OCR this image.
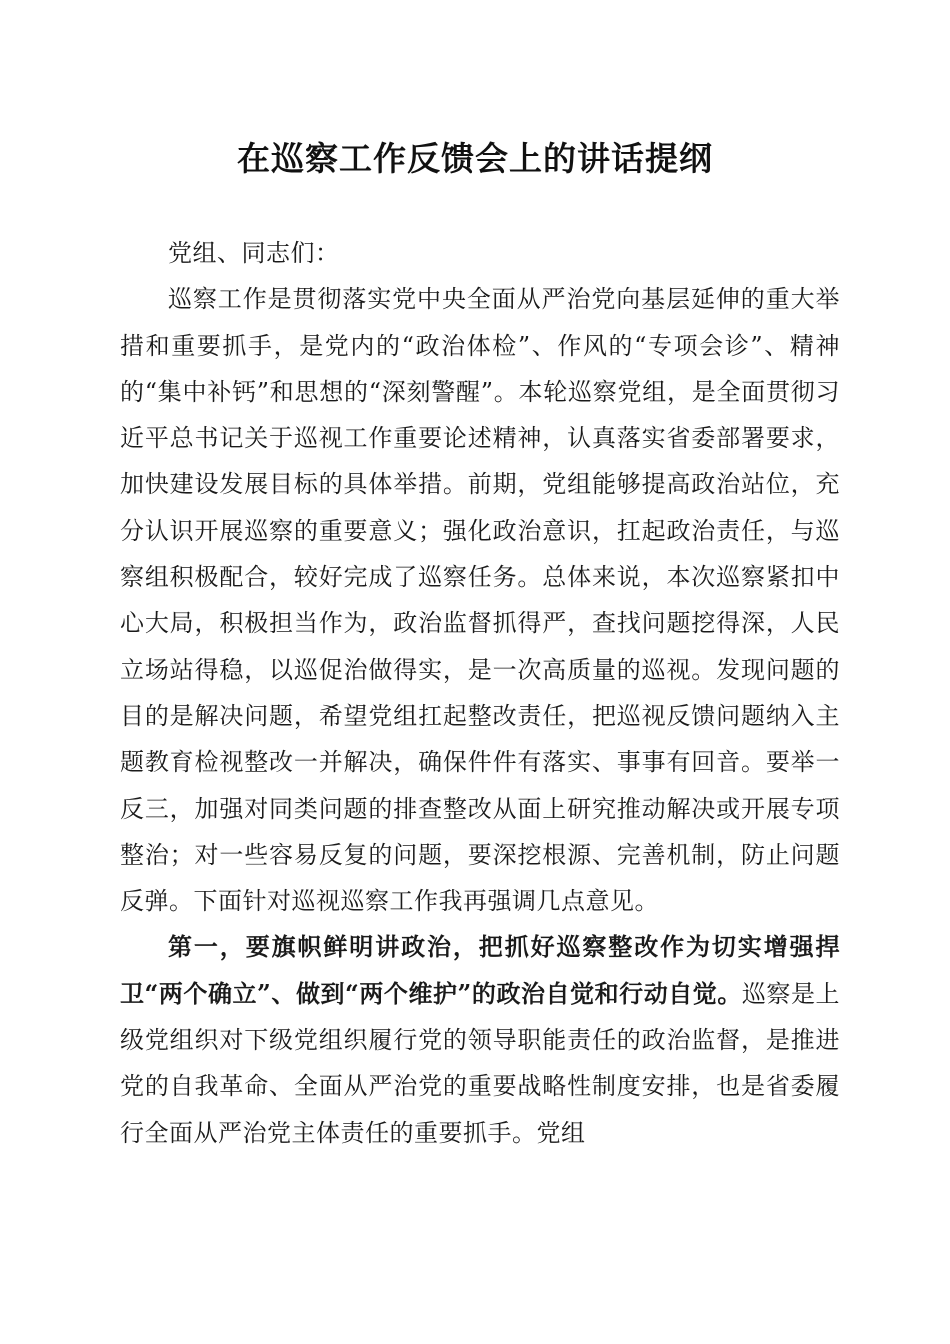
在巡察工作反馈会上的讲话提纲

党组、同志们：

巡察工作是贯彻落实党中央全面从严治党向基层延伸的重大举措和重要抓手，是党内的“政治体检”、作风的“专项会诊”、精神的“集中补钙”和思想的“深刻警醒”。本轮巡察党组，是全面贯彻习近平总书记关于巡视工作重要论述精神，认真落实省委部署要求，加快建设发展目标的具体举措。前期，党组能够提高政治站位，充分认识开展巡察的重要意义；强化政治意识，扛起政治责任，与巡察组积极配合，较好完成了巡察任务。总体来说，本次巡察紧扣中心大局，积极担当作为，政治监督抓得严，查找问题挖得深，人民立场站得稳，以巡促治做得实，是一次高质量的巡视。发现问题的目的是解决问题，希望党组扛起整改责任，把巡视反馈问题纳入主题教育检视整改一并解决，确保件件有落实、事事有回音。要举一反三，加强对同类问题的排查整改从面上研究推动解决或开展专项整治；对一些容易反复的问题，要深挖根源、完善机制，防止问题反弹。下面针对巡视巡察工作我再强调几点意见。

第一，要旗帜鲜明讲政治，把抓好巡察整改作为切实增强捍卫“两个确立”、做到“两个维护”的政治自觉和行动自觉。巡察是上级党组织对下级党组织履行党的领导职能责任的政治监督，是推进党的自我革命、全面从严治党的重要战略性制度安排，也是省委履行全面从严治党主体责任的重要抓手。党组
